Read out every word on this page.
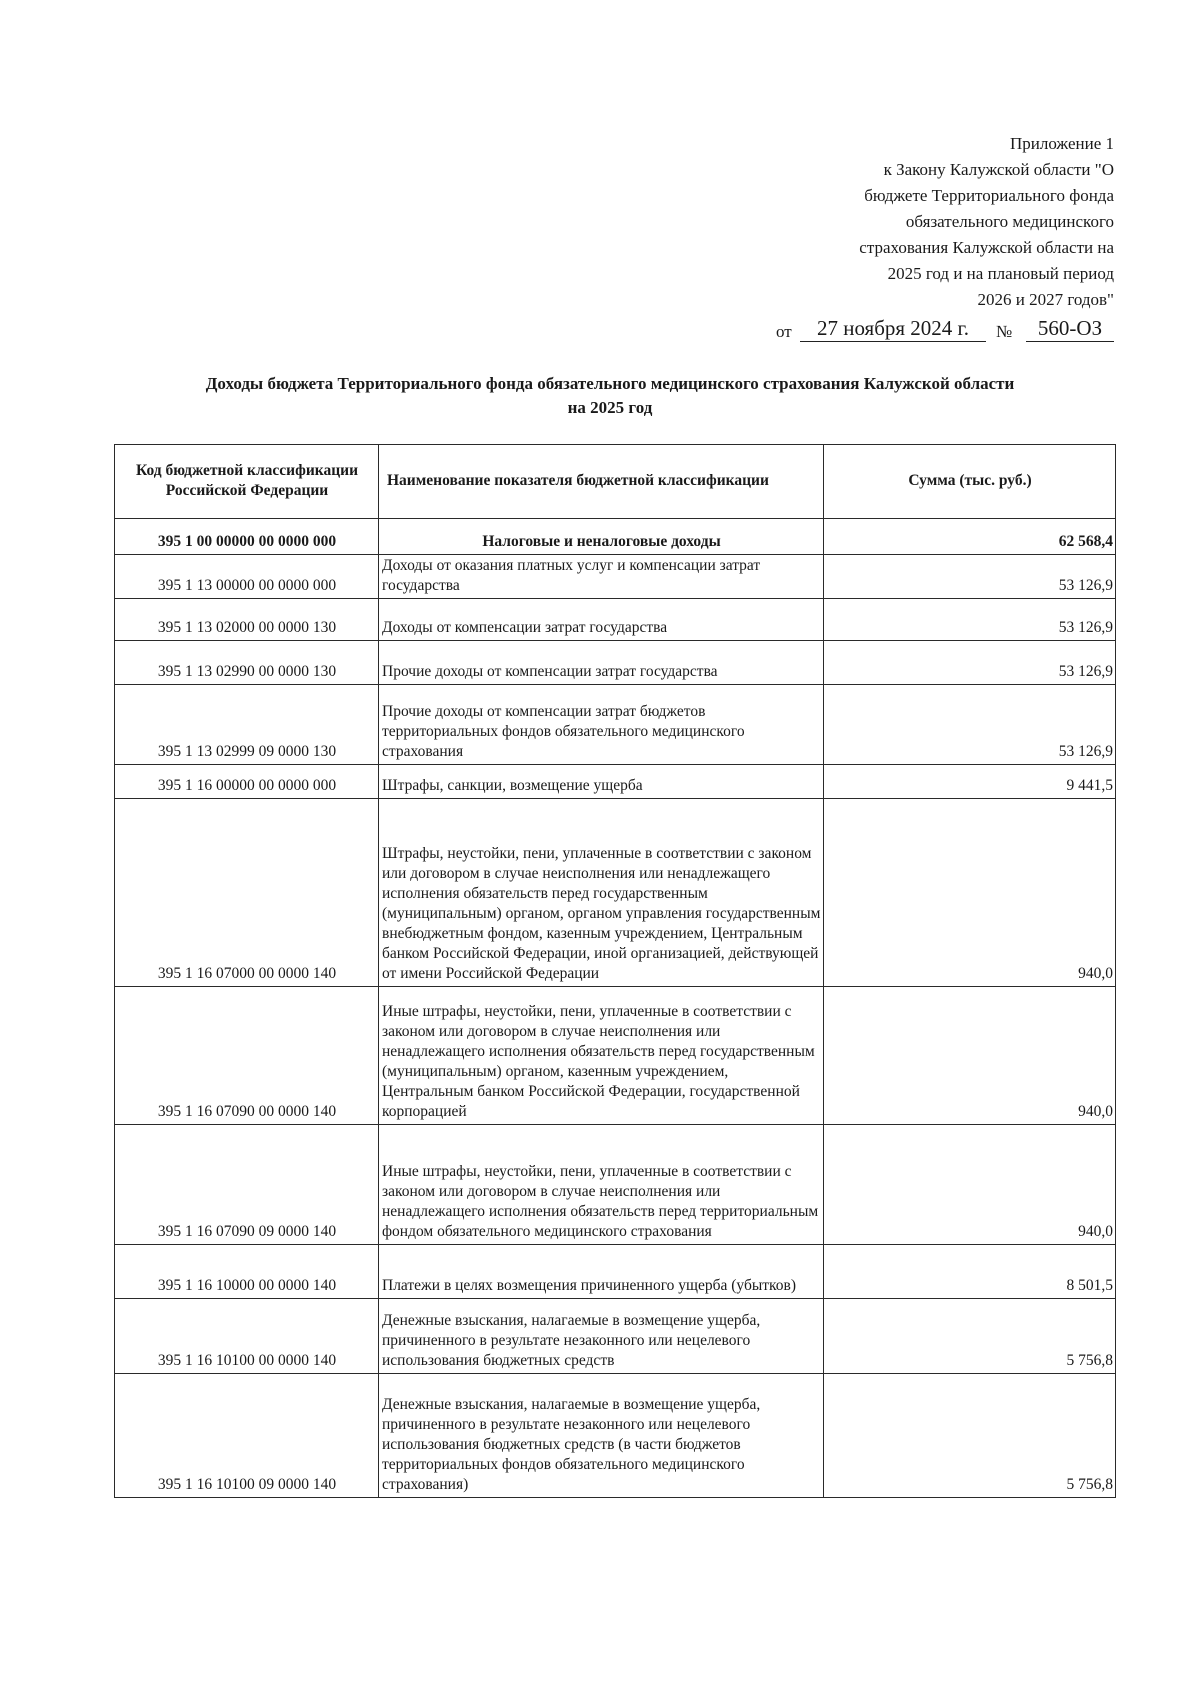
Приложение 1
к Закону Калужской области "О
бюджете Территориального фонда
обязательного медицинского
страхования Калужской области на
2025 год и на плановый период
2026 и 2027 годов"
от	27 ноября 2024 г.	№	560-ОЗ
Доходы бюджета Территориального фонда обязательного медицинского страхования Калужской области
на 2025 год
Код бюджетной классификации Российской Федерации	Наименование показателя бюджетной классификации	Сумма (тыс. руб.)
395 1 00 00000 00 0000 000	Налоговые и неналоговые доходы	62 568,4
395 1 13 00000 00 0000 000	Доходы от оказания платных услуг и компенсации затрат государства	53 126,9
395 1 13 02000 00 0000 130	Доходы от компенсации затрат государства	53 126,9
395 1 13 02990 00 0000 130	Прочие доходы от компенсации затрат государства	53 126,9
395 1 13 02999 09 0000 130	Прочие доходы от компенсации затрат бюджетов территориальных фондов обязательного медицинского страхования	53 126,9
395 1 16 00000 00 0000 000	Штрафы, санкции, возмещение ущерба	9 441,5
395 1 16 07000 00 0000 140	Штрафы, неустойки, пени, уплаченные в соответствии с законом или договором в случае неисполнения или ненадлежащего исполнения обязательств перед государственным (муниципальным) органом, органом управления государственным внебюджетным фондом, казенным учреждением, Центральным банком Российской Федерации, иной организацией, действующей от имени Российской Федерации	940,0
395 1 16 07090 00 0000 140	Иные штрафы, неустойки, пени, уплаченные в соответствии с законом или договором в случае неисполнения или ненадлежащего исполнения обязательств перед государственным (муниципальным) органом, казенным учреждением, Центральным банком Российской Федерации, государственной корпорацией	940,0
395 1 16 07090 09 0000 140	Иные штрафы, неустойки, пени, уплаченные в соответствии с законом или договором в случае неисполнения или ненадлежащего исполнения обязательств перед территориальным фондом обязательного медицинского страхования	940,0
395 1 16 10000 00 0000 140	Платежи в целях возмещения причиненного ущерба (убытков)	8 501,5
395 1 16 10100 00 0000 140	Денежные взыскания, налагаемые в возмещение ущерба, причиненного в результате незаконного или нецелевого использования бюджетных средств	5 756,8
395 1 16 10100 09 0000 140	Денежные взыскания, налагаемые в возмещение ущерба, причиненного в результате незаконного или нецелевого использования бюджетных средств (в части бюджетов территориальных фондов обязательного медицинского страхования)	5 756,8
